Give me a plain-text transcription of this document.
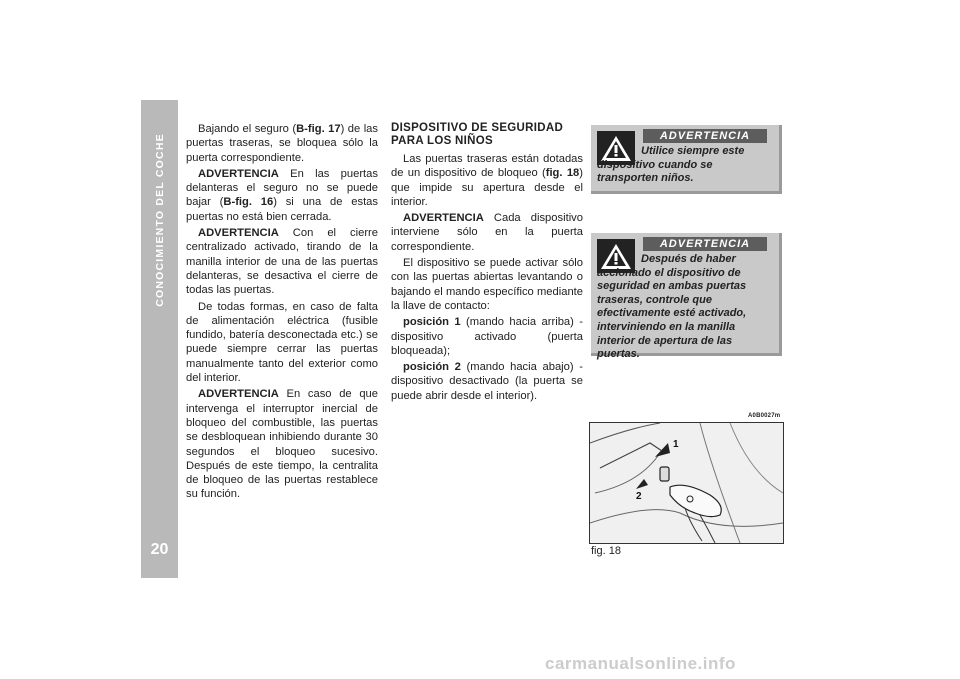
CONOCIMIENTO DEL COCHE
20

Bajando el seguro (B-fig. 17) de las puertas traseras, se bloquea sólo la puerta correspondiente.

ADVERTENCIA En las puertas delanteras el seguro no se puede bajar (B-fig. 16) si una de estas puertas no está bien cerrada.

ADVERTENCIA Con el cierre centralizado activado, tirando de la manilla interior de una de las puertas delanteras, se desactiva el cierre de todas las puertas.

De todas formas, en caso de falta de alimentación eléctrica (fusible fundido, batería desconectada etc.) se puede siempre cerrar las puertas manualmente tanto del exterior como del interior.

ADVERTENCIA En caso de que intervenga el interruptor inercial de bloqueo del combustible, las puertas se desbloquean inhibiendo durante 30 segundos el bloqueo sucesivo. Después de este tiempo, la centralita de bloqueo de las puertas restablece su función.

DISPOSITIVO DE SEGURIDAD
PARA LOS NIÑOS

Las puertas traseras están dotadas de un dispositivo de bloqueo (fig. 18) que impide su apertura desde el interior.

ADVERTENCIA Cada dispositivo interviene sólo en la puerta correspondiente.

El dispositivo se puede activar sólo con las puertas abiertas levantando o bajando el mando específico mediante la llave de contacto:

posición 1 (mando hacia arriba) - dispositivo activado (puerta bloqueada);

posición 2 (mando hacia abajo) - dispositivo desactivado (la puerta se puede abrir desde el interior).

ADVERTENCIA
Utilice siempre este dispositivo cuando se transporten niños.
ADVERTENCIA
Después de haber accionado el dispositivo de seguridad en ambas puertas traseras, controle que efectivamente esté activado, interviniendo en la manilla interior de apertura de las puertas.
A0B0027m
1
2
fig. 18
carmanualsonline.info
